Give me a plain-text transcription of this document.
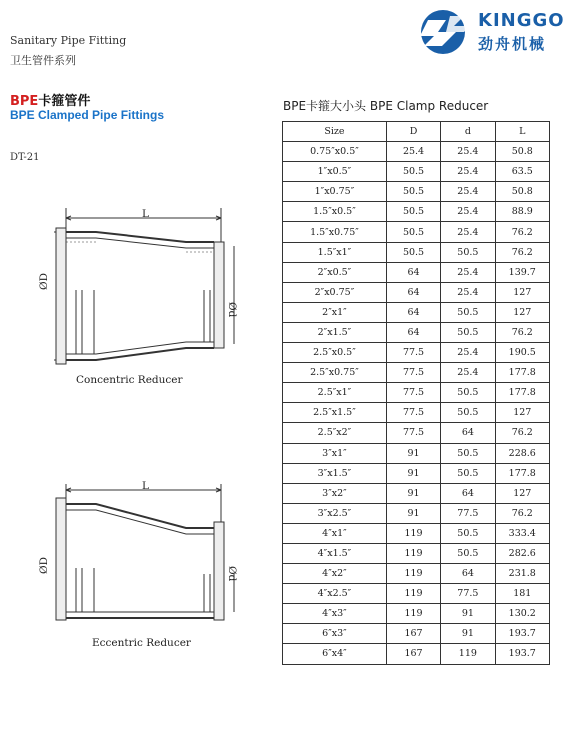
Sanitary Pipe Fitting
卫生管件系列
KINGGO
劲舟机械
BPE卡箍管件
BPE Clamped Pipe Fittings
DT-21
L
ØD
Ød
Concentric Reducer
L
ØD	Ød
Eccentric Reducer
BPE卡箍大小头 BPE Clamp Reducer
Size	D	d	L
0.75″x0.5″	25.4	25.4	50.8
1″x0.5″	50.5	25.4	63.5
1″x0.75″	50.5	25.4	50.8
1.5″x0.5″	50.5	25.4	88.9
1.5″x0.75″	50.5	25.4	76.2
1.5″x1″	50.5	50.5	76.2
2″x0.5″	64	25.4	139.7
2″x0.75″	64	25.4	127
2″x1″	64	50.5	127
2″x1.5″	64	50.5	76.2
2.5″x0.5″	77.5	25.4	190.5
2.5″x0.75″	77.5	25.4	177.8
2.5″x1″	77.5	50.5	177.8
2.5″x1.5″	77.5	50.5	127
2.5″x2″	77.5	64	76.2
3″x1″	91	50.5	228.6
3″x1.5″	91	50.5	177.8
3″x2″	91	64	127
3″x2.5″	91	77.5	76.2
4″x1″	119	50.5	333.4
4″x1.5″	119	50.5	282.6
4″x2″	119	64	231.8
4″x2.5″	119	77.5	181
4″x3″	119	91	130.2
6″x3″	167	91	193.7
6″x4″	167	119	193.7
